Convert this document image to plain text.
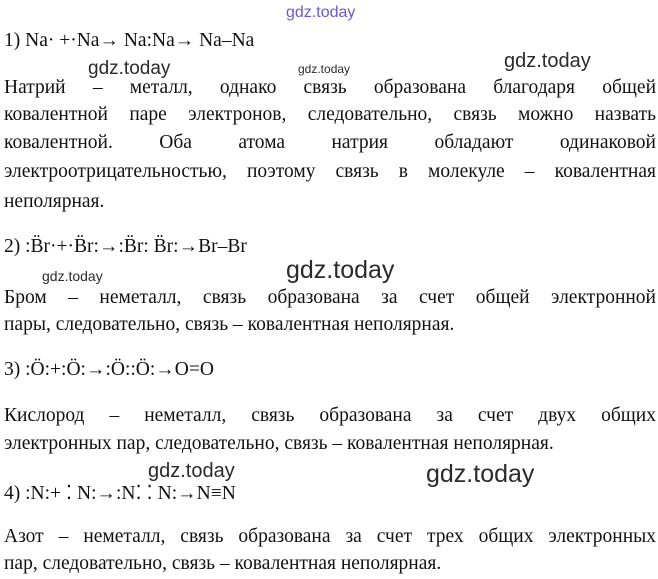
gdz.today
gdz.today	gdz.today	gdz.today
gdz.today	gdz.today
gdz.today	gdz.today
1) Na· +·Na→ Na:Na→ Na–Na
Натрий – металл, однако связь образована благодаря общей
ковалентной паре электронов, следовательно, связь можно назвать
ковалентной. Оба атома натрия обладают одинаковой
электроотрицательностью, поэтому связь в молекуле – ковалентная
неполярная.
2) :B̈r·+·B̈r:→:B̈r: B̈r:→Br–Br
Бром – неметалл, связь образована за счет общей электронной
пары, следовательно, связь – ковалентная неполярная.
3) :Ö:+:Ö:→:Ö::Ö:→O=O
Кислород – неметалл, связь образована за счет двух общих
электронных пар, следовательно, связь – ковалентная неполярная.
4) :N:+ ⁚ N:→:N⁚ ⁚ N:→N≡N
Азот – неметалл, связь образована за счет трех общих электронных
пар, следовательно, связь – ковалентная неполярная.
